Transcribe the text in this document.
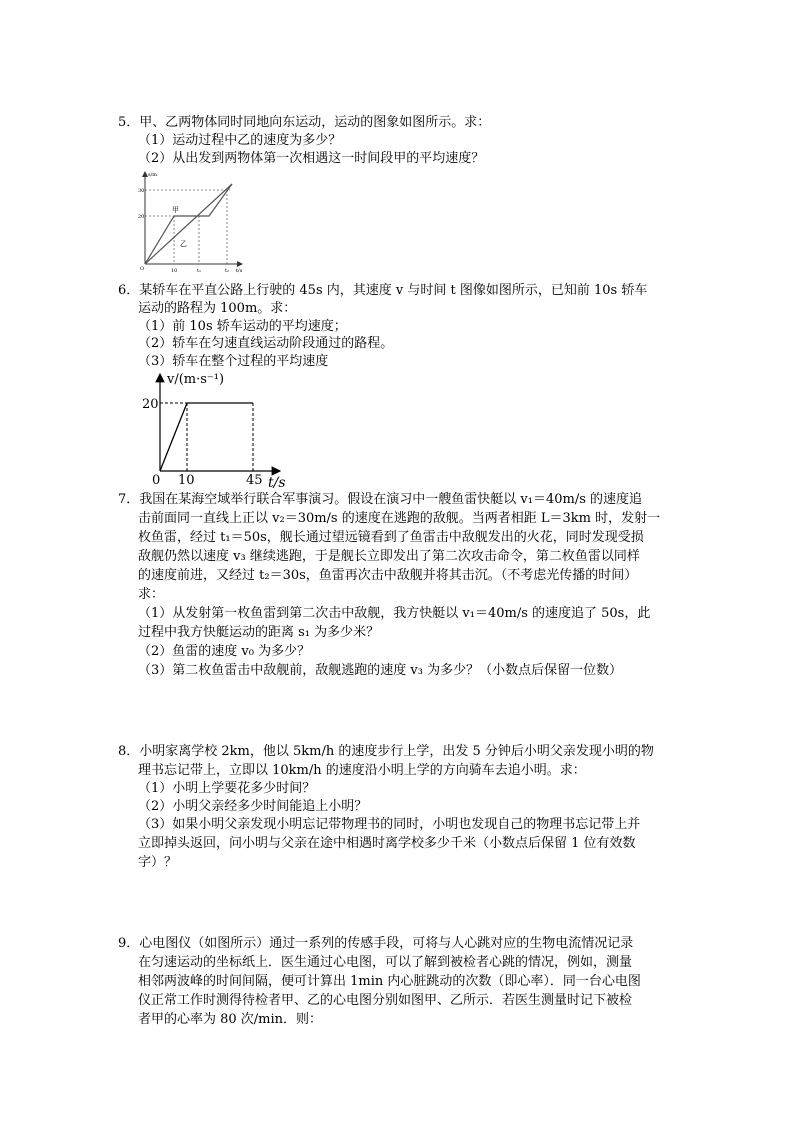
5．甲、乙两物体同时同地向东运动，运动的图象如图所示。求：
（1）运动过程中乙的速度为多少？
（2）从出发到两物体第一次相遇这一时间段甲的平均速度？
s/m
t/s
30
20
10	t₁	t₂
O
甲
乙
6．某轿车在平直公路上行驶的 45s 内，其速度 v 与时间 t 图像如图所示，已知前 10s 轿车
运动的路程为 100m。求：
（1）前 10s 轿车运动的平均速度；
（2）轿车在匀速直线运动阶段通过的路程。
（3）轿车在整个过程的平均速度
v/(m·s⁻¹)
20
0 10	45 t/s
7．我国在某海空域举行联合军事演习。假设在演习中一艘鱼雷快艇以 v₁＝40m/s 的速度追
击前面同一直线上正以 v₂＝30m/s 的速度在逃跑的敌舰。当两者相距 L＝3km 时，发射一
枚鱼雷，经过 t₁＝50s，舰长通过望远镜看到了鱼雷击中敌舰发出的火花，同时发现受损
敌舰仍然以速度 v₃ 继续逃跑，于是舰长立即发出了第二次攻击命令，第二枚鱼雷以同样
的速度前进，又经过 t₂＝30s，鱼雷再次击中敌舰并将其击沉。（不考虑光传播的时间）
求：
（1）从发射第一枚鱼雷到第二次击中敌舰，我方快艇以 v₁＝40m/s 的速度追了 50s，此
过程中我方快艇运动的距离 s₁ 为多少米？
（2）鱼雷的速度 v₀ 为多少？
（3）第二枚鱼雷击中敌舰前，敌舰逃跑的速度 v₃ 为多少？（小数点后保留一位数）
8．小明家离学校 2km，他以 5km/h 的速度步行上学，出发 5 分钟后小明父亲发现小明的物
理书忘记带上，立即以 10km/h 的速度沿小明上学的方向骑车去追小明。求：
（1）小明上学要花多少时间？
（2）小明父亲经多少时间能追上小明？
（3）如果小明父亲发现小明忘记带物理书的同时，小明也发现自己的物理书忘记带上并
立即掉头返回，问小明与父亲在途中相遇时离学校多少千米（小数点后保留 1 位有效数
字）？
9．心电图仪（如图所示）通过一系列的传感手段，可将与人心跳对应的生物电流情况记录
在匀速运动的坐标纸上．医生通过心电图，可以了解到被检者心跳的情况，例如，测量
相邻两波峰的时间间隔，便可计算出 1min 内心脏跳动的次数（即心率）．同一台心电图
仪正常工作时测得待检者甲、乙的心电图分别如图甲、乙所示．若医生测量时记下被检
者甲的心率为 80 次/min．则：
